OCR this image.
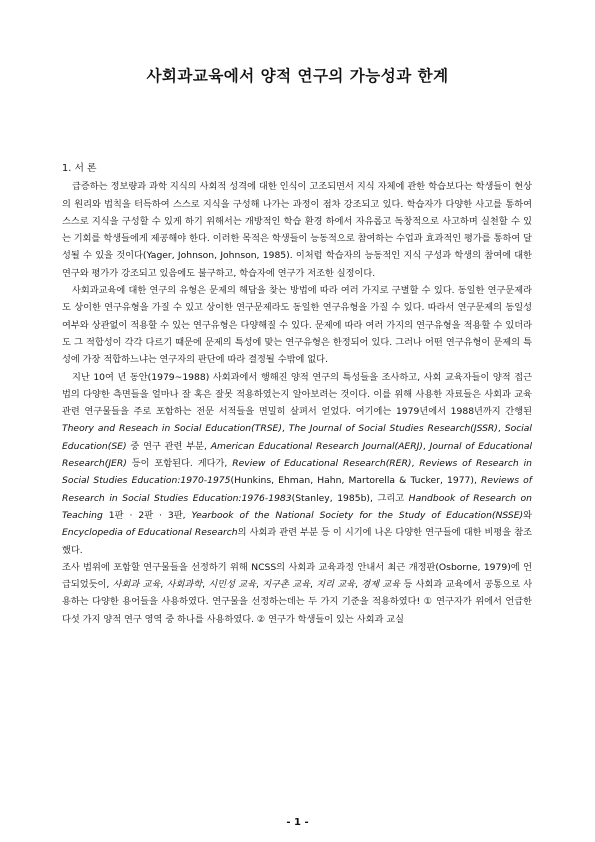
사회과교육에서 양적 연구의 가능성과 한계
1. 서 론

급증하는 정보량과 과학 지식의 사회적 성격에 대한 인식이 고조되면서 지식 자체에 관한 학습보다는 학생들이 현상의 원리와 법칙을 터득하여 스스로 지식을 구성해 나가는 과정이 점차 강조되고 있다. 학습자가 다양한 사고를 통하여 스스로 지식을 구성할 수 있게 하기 위해서는 개방적인 학습 환경 하에서 자유롭고 독창적으로 사고하며 실천할 수 있는 기회를 학생들에게 제공해야 한다. 이러한 목적은 학생들이 능동적으로 참여하는 수업과 효과적인 평가를 통하여 달성될 수 있을 것이다(Yager, Johnson, Johnson, 1985). 이처럼 학습자의 능동적인 지식 구성과 학생의 참여에 대한 연구와 평가가 강조되고 있음에도 불구하고, 학습자에 연구가 저조한 실정이다.

사회과교육에 대한 연구의 유형은 문제의 해답을 찾는 방법에 따라 여러 가지로 구별할 수 있다. 동일한 연구문제라도 상이한 연구유형을 가질 수 있고 상이한 연구문제라도 동일한 연구유형을 가질 수 있다. 따라서 연구문제의 동일성 여부와 상관없이 적용할 수 있는 연구유형은 다양해질 수 있다. 문제에 따라 여러 가지의 연구유형을 적용할 수 있더라도 그 적합성이 각각 다르기 때문에 문제의 특성에 맞는 연구유형은 한정되어 있다. 그러나 어떤 연구유형이 문제의 특성에 가장 적합하느냐는 연구자의 판단에 따라 결정될 수밖에 없다.

지난 10여 년 동안(1979~1988) 사회과에서 행해진 양적 연구의 특성들을 조사하고, 사회 교육자들이 양적 접근법의 다양한 측면들을 얼마나 잘 혹은 잘못 적용하였는지 알아보려는 것이다. 이를 위해 사용한 자료들은 사회과 교육 관련 연구물들을 주로 포함하는 전문 서적들을 면밀히 살펴서 얻었다. 여기에는 1979년에서 1988년까지 간행된 Theory and Reseach in Social Education(TRSE), The Journal of Social Studies Research(JSSR), Social Education(SE) 중 연구 관련 부분, American Educational Research Journal(AERJ), Journal of Educational Research(JER) 등이 포함된다. 게다가, Review of Educational Research(RER), Reviews of Research in Social Studies Education:1970-1975(Hunkins, Ehman, Hahn, Martorella & Tucker, 1977), Reviews of Research in Social Studies Education:1976-1983(Stanley, 1985b), 그리고 Handbook of Research on Teaching 1판 · 2판 · 3판, Yearbook of the National Society for the Study of Education(NSSE)와 Encyclopedia of Educational Research의 사회과 관련 부분 등 이 시기에 나온 다양한 연구들에 대한 비평을 참조했다.

조사 범위에 포함할 연구물들을 선정하기 위해 NCSS의 사회과 교육과정 안내서 최근 개정판(Osborne, 1979)에 언급되었듯이, 사회과 교육, 사회과학, 시민성 교육, 지구촌 교육, 지리 교육, 경제 교육 등 사회과 교육에서 공통으로 사용하는 다양한 용어들을 사용하였다. 연구물을 선정하는데는 두 가지 기준을 적용하였다! ① 연구자가 위에서 언급한 다섯 가지 양적 연구 영역 중 하나를 사용하였다. ② 연구가 학생들이 있는 사회과 교실

- 1 -
